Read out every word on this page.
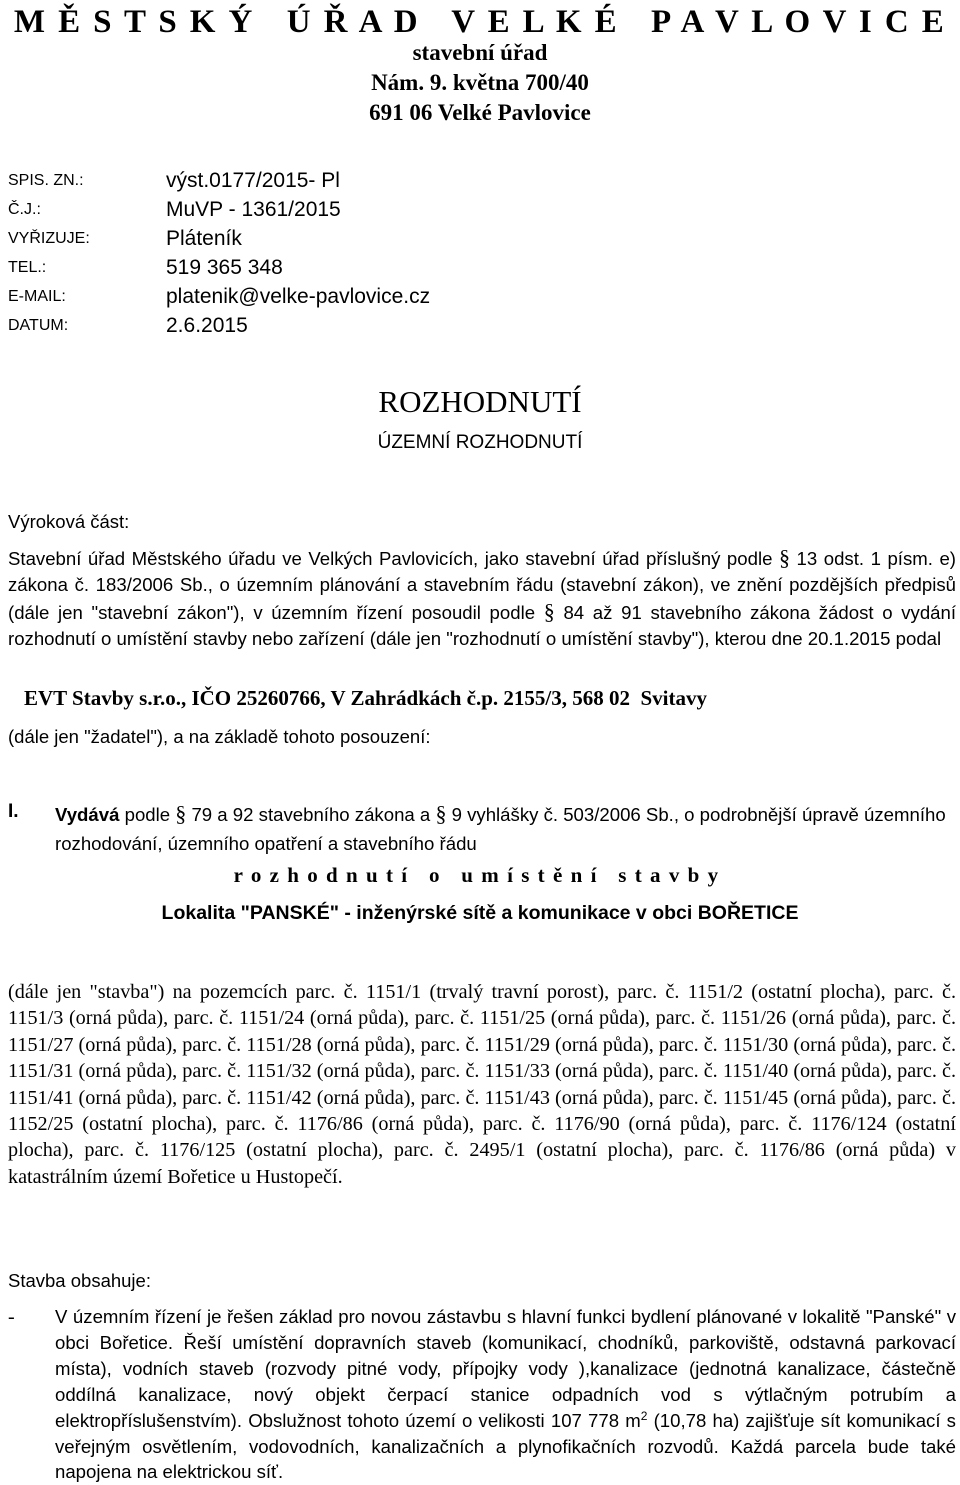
M Ě S T S K Ý   Ú Ř A D   V E L K É   P A V L O V I C E
stavební úřad
Nám. 9. května 700/40
691 06 Velké Pavlovice
SPIS. ZN.:	výst.0177/2015- Pl
Č.J.:	MuVP - 1361/2015
VYŘIZUJE:	Pláteník
TEL.:	519 365 348
E-MAIL:	platenik@velke-pavlovice.cz
DATUM:	2.6.2015
ROZHODNUTÍ
ÚZEMNÍ ROZHODNUTÍ
Výroková část:

Stavební úřad Městského úřadu ve Velkých Pavlovicích, jako stavební úřad příslušný podle § 13 odst. 1 písm. e) zákona č. 183/2006 Sb., o územním plánování a stavebním řádu (stavební zákon), ve znění pozdějších předpisů (dále jen "stavební zákon"), v územním řízení posoudil podle § 84 až 91 stavebního zákona žádost o vydání rozhodnutí o umístění stavby nebo zařízení (dále jen "rozhodnutí o umístění stavby"), kterou dne 20.1.2015 podal

EVT Stavby s.r.o., IČO 25260766, V Zahrádkách č.p. 2155/3, 568 02  Svitavy
(dále jen "žadatel"), a na základě tohoto posouzení:
I. Vydává podle § 79 a 92 stavebního zákona a § 9 vyhlášky č. 503/2006 Sb., o podrobnější úpravě územního rozhodování, územního opatření a stavebního řádu
rozhodnutí o umístění stavby
Lokalita "PANSKÉ" - inženýrské sítě a komunikace v obci BOŘETICE

(dále jen "stavba") na pozemcích parc. č. 1151/1 (trvalý travní porost), parc. č. 1151/2 (ostatní plocha), parc. č. 1151/3 (orná půda), parc. č. 1151/24 (orná půda), parc. č. 1151/25 (orná půda), parc. č. 1151/26 (orná půda), parc. č. 1151/27 (orná půda), parc. č. 1151/28 (orná půda), parc. č. 1151/29 (orná půda), parc. č. 1151/30 (orná půda), parc. č. 1151/31 (orná půda), parc. č. 1151/32 (orná půda), parc. č. 1151/33 (orná půda), parc. č. 1151/40 (orná půda), parc. č. 1151/41 (orná půda), parc. č. 1151/42 (orná půda), parc. č. 1151/43 (orná půda), parc. č. 1151/45 (orná půda), parc. č. 1152/25 (ostatní plocha), parc. č. 1176/86 (orná půda), parc. č. 1176/90 (orná půda), parc. č. 1176/124 (ostatní plocha), parc. č. 1176/125 (ostatní plocha), parc. č. 2495/1 (ostatní plocha), parc. č. 1176/86 (orná půda) v katastrálním území Bořetice u Hustopečí.

Stavba obsahuje:
- V územním řízení je řešen základ pro novou zástavbu s hlavní funkci bydlení plánované v lokalitě "Panské" v obci Bořetice. Řeší umístění dopravních staveb (komunikací, chodníků, parkoviště, odstavná parkovací místa), vodních staveb (rozvody pitné vody, přípojky vody ),kanalizace (jednotná kanalizace, částečně oddílná kanalizace, nový objekt čerpací stanice odpadních vod s výtlačným potrubím a elektropříslušenstvím). Obslužnost tohoto území o velikosti 107 778 $m^2$ (10,78 ha) zajišťuje sít komunikací s veřejným osvětlením, vodovodních, kanalizačních a plynofikačních rozvodů. Každá parcela bude také napojena na elektrickou síť.
